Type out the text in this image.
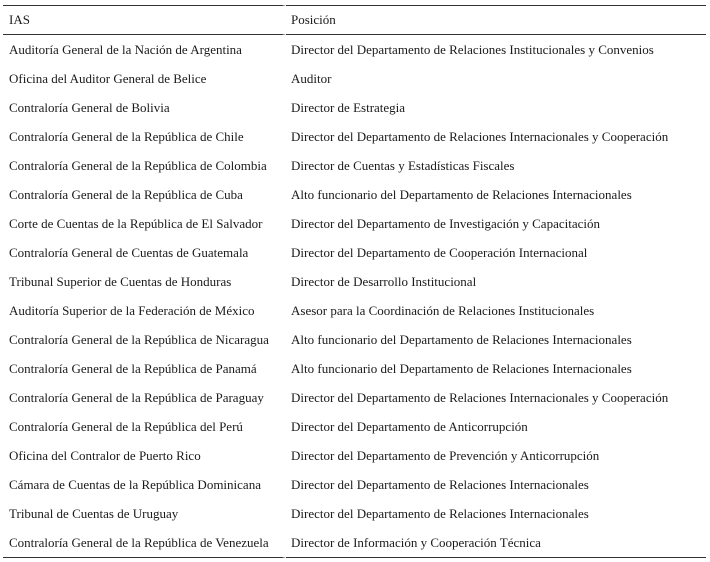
IAS	Posición
Auditoría General de la Nación de Argentina	Director del Departamento de Relaciones Institucionales y Convenios
Oficina del Auditor General de Belice	Auditor
Contraloría General de Bolivia	Director de Estrategia
Contraloría General de la República de Chile	Director del Departamento de Relaciones Internacionales y Cooperación
Contraloría General de la República de Colombia	Director de Cuentas y Estadísticas Fiscales
Contraloría General de la República de Cuba	Alto funcionario del Departamento de Relaciones Internacionales
Corte de Cuentas de la República de El Salvador	Director del Departamento de Investigación y Capacitación
Contraloría General de Cuentas de Guatemala	Director del Departamento de Cooperación Internacional
Tribunal Superior de Cuentas de Honduras	Director de Desarrollo Institucional
Auditoría Superior de la Federación de México	Asesor para la Coordinación de Relaciones Institucionales
Contraloría General de la República de Nicaragua	Alto funcionario del Departamento de Relaciones Internacionales
Contraloría General de la República de Panamá	Alto funcionario del Departamento de Relaciones Internacionales
Contraloría General de la República de Paraguay	Director del Departamento de Relaciones Internacionales y Cooperación
Contraloría General de la República del Perú	Director del Departamento de Anticorrupción
Oficina del Contralor de Puerto Rico	Director del Departamento de Prevención y Anticorrupción
Cámara de Cuentas de la República Dominicana	Director del Departamento de Relaciones Internacionales
Tribunal de Cuentas de Uruguay	Director del Departamento de Relaciones Internacionales
Contraloría General de la República de Venezuela	Director de Información y Cooperación Técnica
